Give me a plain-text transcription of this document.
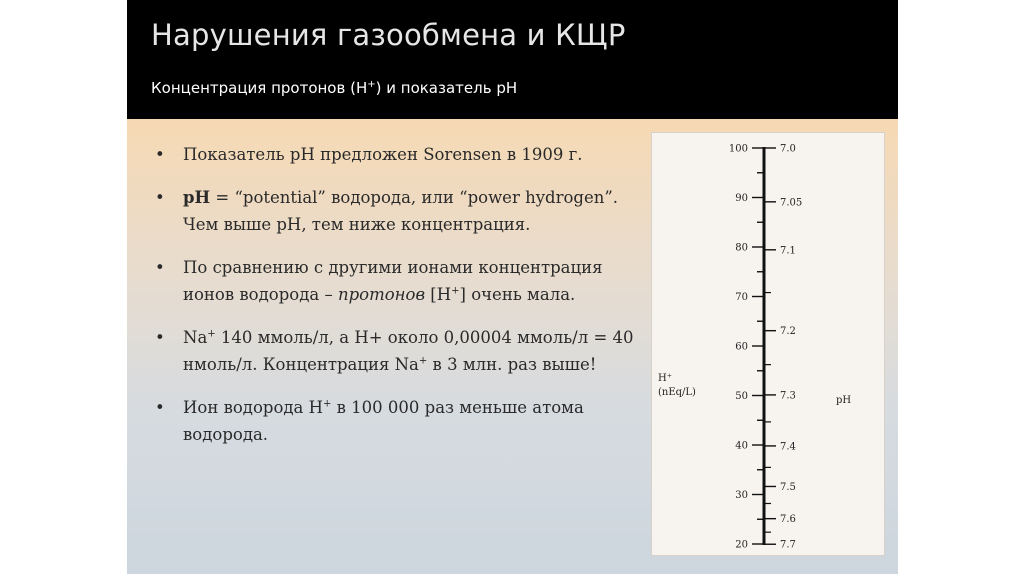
Нарушения газообмена и КЩР
Концентрация протонов (H+) и показатель pH
• Показатель pH предложен Sorensen в 1909 г.
• pH = “potential” водорода, или “power hydrogen”. Чем выше pH, тем ниже концентрация.
• По сравнению с другими ионами концентрация ионов водорода – протонов [H+] очень мала.
• Na+ 140 ммоль/л, а H+ около 0,00004 ммоль/л = 40 нмоль/л. Концентрация Na+ в 3 млн. раз выше!
• Ион водорода H+ в 100 000 раз меньше атома водорода.
100
90
80
70
60
50
40
30
20
7.0
7.05
7.1
7.2
7.3
7.4
7.5
7.6
7.7
H⁺
(nEq/L)
pH
